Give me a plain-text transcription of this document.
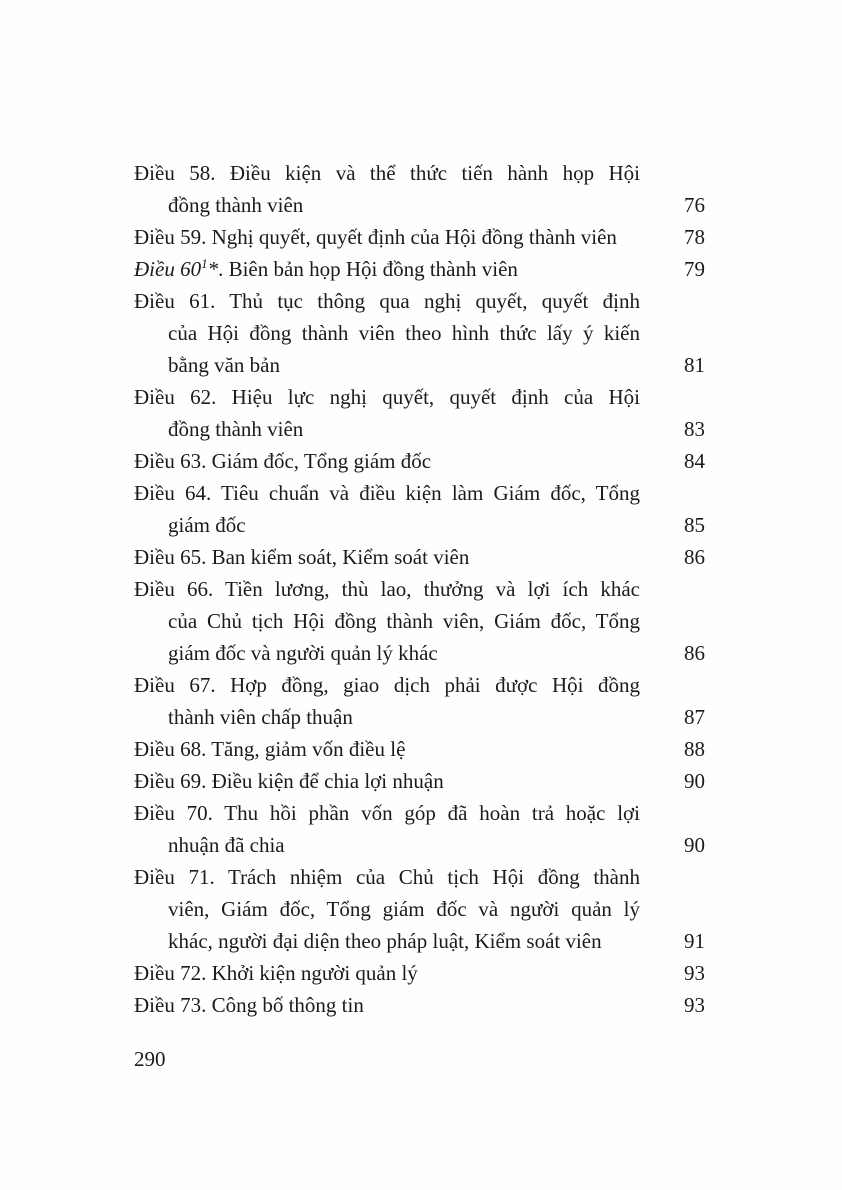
Điều 58. Điều kiện và thể thức tiến hành họp Hội
đồng thành viên	76
Điều 59. Nghị quyết, quyết định của Hội đồng thành viên	78
Điều $60^1*$. Biên bản họp Hội đồng thành viên	79
Điều 61. Thủ tục thông qua nghị quyết, quyết định
của Hội đồng thành viên theo hình thức lấy ý kiến
bằng văn bản	81
Điều 62. Hiệu lực nghị quyết, quyết định của Hội
đồng thành viên	83
Điều 63. Giám đốc, Tổng giám đốc	84
Điều 64. Tiêu chuẩn và điều kiện làm Giám đốc, Tổng
giám đốc	85
Điều 65. Ban kiểm soát, Kiểm soát viên	86
Điều 66. Tiền lương, thù lao, thưởng và lợi ích khác
của Chủ tịch Hội đồng thành viên, Giám đốc, Tổng
giám đốc và người quản lý khác	86
Điều 67. Hợp đồng, giao dịch phải được Hội đồng
thành viên chấp thuận	87
Điều 68. Tăng, giảm vốn điều lệ	88
Điều 69. Điều kiện để chia lợi nhuận	90
Điều 70. Thu hồi phần vốn góp đã hoàn trả hoặc lợi
nhuận đã chia	90
Điều 71. Trách nhiệm của Chủ tịch Hội đồng thành
viên, Giám đốc, Tổng giám đốc và người quản lý
khác, người đại diện theo pháp luật, Kiểm soát viên	91
Điều 72. Khởi kiện người quản lý	93
Điều 73. Công bố thông tin	93
290
